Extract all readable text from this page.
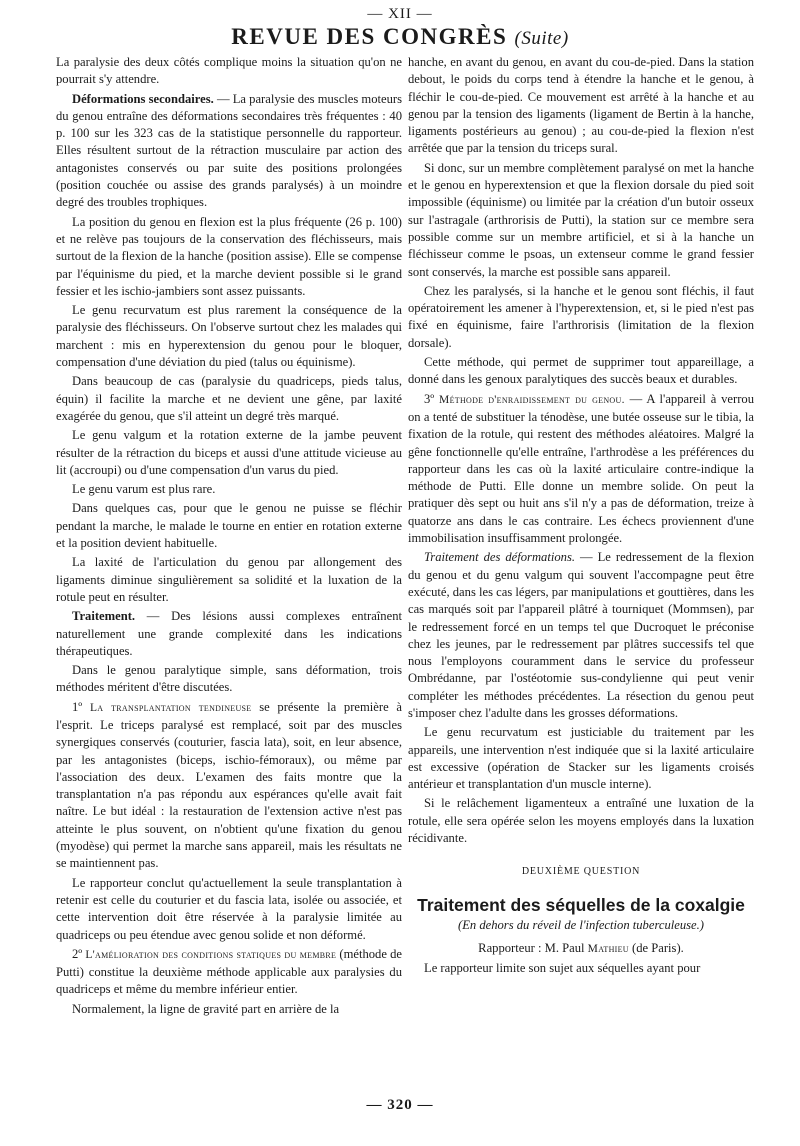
— XII —
REVUE DES CONGRÈS (Suite)

La paralysie des deux côtés complique moins la situation qu'on ne pourrait s'y attendre.

Déformations secondaires. — La paralysie des muscles moteurs du genou entraîne des déformations secondaires très fréquentes : 40 p. 100 sur les 323 cas de la statistique personnelle du rapporteur. Elles résultent surtout de la rétraction musculaire par action des antagonistes conservés ou par suite des positions prolongées (position couchée ou assise des grands paralysés) à un moindre degré des troubles trophiques.

La position du genou en flexion est la plus fréquente (26 p. 100) et ne relève pas toujours de la conservation des fléchisseurs, mais surtout de la flexion de la hanche (position assise). Elle se compense par l'équinisme du pied, et la marche devient possible si le grand fessier et les ischio-jambiers sont assez puissants.

Le genu recurvatum est plus rarement la conséquence de la paralysie des fléchisseurs. On l'observe surtout chez les malades qui marchent : mis en hyperextension du genou pour le bloquer, compensation d'une déviation du pied (talus ou équinisme).

Dans beaucoup de cas (paralysie du quadriceps, pieds talus, équin) il facilite la marche et ne devient une gêne, par laxité exagérée du genou, que s'il atteint un degré très marqué.

Le genu valgum et la rotation externe de la jambe peuvent résulter de la rétraction du biceps et aussi d'une attitude vicieuse au lit (accroupi) ou d'une compensation d'un varus du pied.

Le genu varum est plus rare.

Dans quelques cas, pour que le genou ne puisse se fléchir pendant la marche, le malade le tourne en entier en rotation externe et la position devient habituelle.

La laxité de l'articulation du genou par allongement des ligaments diminue singulièrement sa solidité et la luxation de la rotule peut en résulter.

Traitement. — Des lésions aussi complexes entraînent naturellement une grande complexité dans les indications thérapeutiques.

Dans le genou paralytique simple, sans déformation, trois méthodes méritent d'être discutées.

1º La transplantation tendineuse se présente la première à l'esprit. Le triceps paralysé est remplacé, soit par des muscles synergiques conservés (couturier, fascia lata), soit, en leur absence, par les antagonistes (biceps, ischio-fémoraux), ou même par l'association des deux. L'examen des faits montre que la transplantation n'a pas répondu aux espérances qu'elle avait fait naître. Le but idéal : la restauration de l'extension active n'est pas atteinte le plus souvent, on n'obtient qu'une fixation du genou (myodèse) qui permet la marche sans appareil, mais les résultats ne se maintiennent pas.

Le rapporteur conclut qu'actuellement la seule transplantation à retenir est celle du couturier et du fascia lata, isolée ou associée, et cette intervention doit être réservée à la paralysie limitée au quadriceps ou peu étendue avec genou solide et non déformé.

2º L'amélioration des conditions statiques du membre (méthode de Putti) constitue la deuxième méthode applicable aux paralysies du quadriceps et même du membre inférieur entier.

Normalement, la ligne de gravité part en arrière de la

hanche, en avant du genou, en avant du cou-de-pied. Dans la station debout, le poids du corps tend à étendre la hanche et le genou, à fléchir le cou-de-pied. Ce mouvement est arrêté à la hanche et au genou par la tension des ligaments (ligament de Bertin à la hanche, ligaments postérieurs au genou) ; au cou-de-pied la flexion n'est arrêtée que par la tension du triceps sural.

Si donc, sur un membre complètement paralysé on met la hanche et le genou en hyperextension et que la flexion dorsale du pied soit impossible (équinisme) ou limitée par la création d'un butoir osseux sur l'astragale (arthrorisis de Putti), la station sur ce membre sera possible comme sur un membre artificiel, et si à la hanche un fléchisseur comme le psoas, un extenseur comme le grand fessier sont conservés, la marche est possible sans appareil.

Chez les paralysés, si la hanche et le genou sont fléchis, il faut opératoirement les amener à l'hyperextension, et, si le pied n'est pas fixé en équinisme, faire l'arthrorisis (limitation de la flexion dorsale).

Cette méthode, qui permet de supprimer tout appareillage, a donné dans les genoux paralytiques des succès beaux et durables.

3º Méthode d'enraidissement du genou. — A l'appareil à verrou on a tenté de substituer la ténodèse, une butée osseuse sur le tibia, la fixation de la rotule, qui restent des méthodes aléatoires. Malgré la gêne fonctionnelle qu'elle entraîne, l'arthrodèse a les préférences du rapporteur dans les cas où la laxité articulaire contre-indique la méthode de Putti. Elle donne un membre solide. On peut la pratiquer dès sept ou huit ans s'il n'y a pas de déformation, treize à quatorze ans dans le cas contraire. Les échecs proviennent d'une immobilisation insuffisamment prolongée.

Traitement des déformations. — Le redressement de la flexion du genou et du genu valgum qui souvent l'accompagne peut être exécuté, dans les cas légers, par manipulations et gouttières, dans les cas marqués soit par l'appareil plâtré à tourniquet (Mommsen), par le redressement forcé en un temps tel que Ducroquet le préconise chez les jeunes, par le redressement par plâtres successifs tel que nous l'employons couramment dans le service du professeur Ombrédanne, par l'ostéotomie sus-condylienne qui peut venir compléter les méthodes précédentes. La résection du genou peut s'imposer chez l'adulte dans les grosses déformations.

Le genu recurvatum est justiciable du traitement par les appareils, une intervention n'est indiquée que si la laxité articulaire est excessive (opération de Stacker sur les ligaments croisés antérieur et transplantation d'un muscle interne).

Si le relâchement ligamenteux a entraîné une luxation de la rotule, elle sera opérée selon les moyens employés dans la luxation récidivante.

DEUXIÈME QUESTION

Traitement des séquelles de la coxalgie

(En dehors du réveil de l'infection tuberculeuse.)

Rapporteur : M. Paul Mathieu (de Paris).

Le rapporteur limite son sujet aux séquelles ayant pour

— 320 —
